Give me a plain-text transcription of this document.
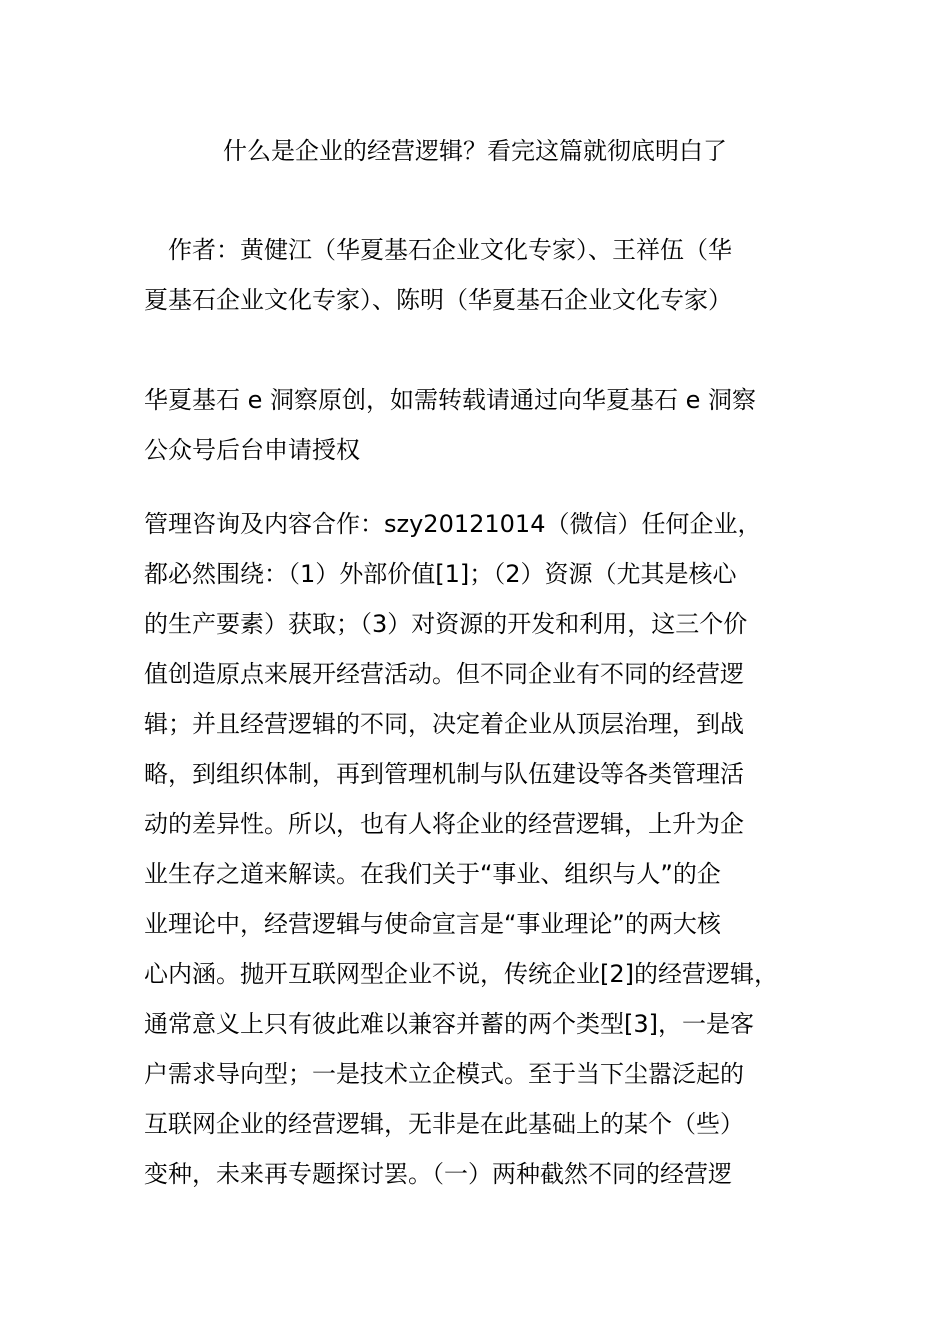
什么是企业的经营逻辑？看完这篇就彻底明白了
　作者：黄健江（华夏基石企业文化专家）、王祥伍（华
夏基石企业文化专家）、陈明（华夏基石企业文化专家）
华夏基石 e 洞察原创，如需转载请通过向华夏基石 e 洞察
公众号后台申请授权
管理咨询及内容合作：szy20121014（微信）任何企业，
都必然围绕：（1）外部价值[1]；（2）资源（尤其是核心
的生产要素）获取；（3）对资源的开发和利用，这三个价
值创造原点来展开经营活动。但不同企业有不同的经营逻
辑；并且经营逻辑的不同，决定着企业从顶层治理，到战
略，到组织体制，再到管理机制与队伍建设等各类管理活
动的差异性。所以，也有人将企业的经营逻辑，上升为企
业生存之道来解读。在我们关于“事业、组织与人”的企
业理论中，经营逻辑与使命宣言是“事业理论”的两大核
心内涵。抛开互联网型企业不说，传统企业[2]的经营逻辑，
通常意义上只有彼此难以兼容并蓄的两个类型[3]，一是客
户需求导向型；一是技术立企模式。至于当下尘嚣泛起的
互联网企业的经营逻辑，无非是在此基础上的某个（些）
变种，未来再专题探讨罢。（一）两种截然不同的经营逻
